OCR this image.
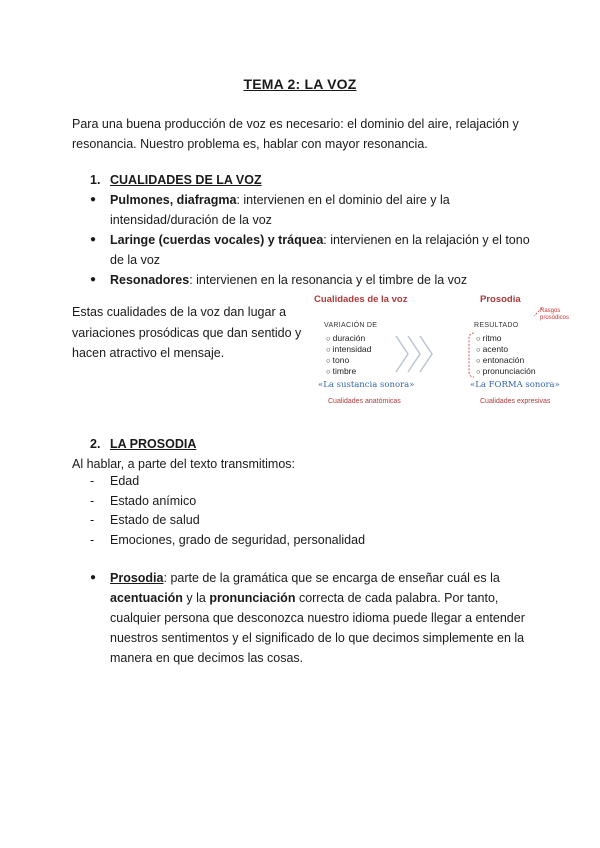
TEMA 2: LA VOZ
Para una buena producción de voz es necesario: el dominio del aire, relajación y resonancia. Nuestro problema es, hablar con mayor resonancia.
1. CUALIDADES DE LA VOZ
● Pulmones, diafragma: intervienen en el dominio del aire y la intensidad/duración de la voz
● Laringe (cuerdas vocales) y tráquea: intervienen en la relajación y el tono de la voz
● Resonadores: intervienen en la resonancia y el timbre de la voz
Estas cualidades de la voz dan lugar a variaciones prosódicas que dan sentido y hacen atractivo el mensaje.
Cualidades de la voz	Prosodia
Rasgos prosódicos
VARIACIÓN DE
○ duración
○ intensidad
○ tono
○ timbre
RESULTADO
○ ritmo
○ acento
○ entonación
○ pronunciación
«La sustancia sonora»	«La FORMA sonora»
Cualidades anatómicas	Cualidades expresivas
2. LA PROSODIA
Al hablar, a parte del texto transmitimos:
- Edad
- Estado anímico
- Estado de salud
- Emociones, grado de seguridad, personalidad
● Prosodia: parte de la gramática que se encarga de enseñar cuál es la acentuación y la pronunciación correcta de cada palabra. Por tanto, cualquier persona que desconozca nuestro idioma puede llegar a entender nuestros sentimentos y el significado de lo que decimos simplemente en la manera en que decimos las cosas.
